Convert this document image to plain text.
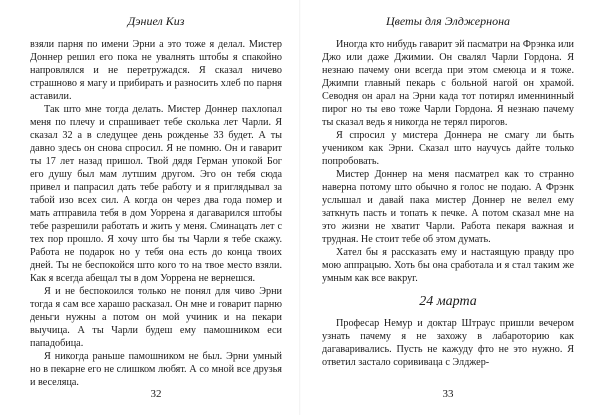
Дэниел Киз

взяли парня по имени Эрни а это тоже я делал. Мистер Доннер решил его пока не увалнять штобы я спакойно напровлялся и не перетружадся. Я сказал ничево страшново я магу и прибирать и разносить хлеб по парня аставили.

Так што мне тогда делать. Мистер Доннер пахлопал меня по плечу и спрашивает тебе сколька лет Чарли. Я сказал 32 а в следущее день рожденье 33 будет. А ты давно здесь он снова спросил. Я не помню. Он и гаварит ты 17 лет назад пришол. Твой дядя Герман упокой Бог его душу был мам лутшим другом. Эго он тебя сюда привел и папрасил дать тебе работу и я приглядывал за табой изо всех сил. А когда он через два года помер и мать атправила тебя в дом Уоррена я дагаварился штобы тебе разрешили работать и жить у меня. Сминацать лет с тех пор прошло. Я хочу што бы ты Чарли я тебе скажу. Работа не подарок но у тебя она есть до конца твоих дней. Ты не беспокойся што кого то на твое место взяли. Как я всегда абещал ты в дом Уоррена не вернешся.

Я и не беспокоился только не понял для чиво Эрни тогда я сам все харашо расказал. Он мне и говарит парню деньги нужны а потом он мой учиник и на пекари выучица. А ты Чарли будеш ему памошником еси пападобица.

Я никогда раньше памошником не был. Эрни умный но в пекарне его не слишком любят. А со мной все друзья и веселяца.

32
Цветы для Элджернона

Иногда кто нибудь гаварит эй пасматри на Фрэнка или Джо или даже Джимии. Он свалял Чарли Гордона. Я незнаю пачему они всегда при этом смеюца и я тоже. Джимпи главный пекарь с больной нагой он храмой. Севодня он арал на Эрни када тот потирял именнинный пирог но ты ево тоже Чарли Гордона. Я незнаю пачему ты сказал ведь я никогда не терял пирогов.

Я спросил у мистера Доннера не смагу ли быть учеником как Эрни. Сказал што научусь дайте только попробовать.

Мистер Доннер на меня пасматрел как то странно наверна потому што обычно я голос не подаю. А Фрэнк услышал и давай пака мистер Доннер не велел ему заткнуть пасть и топать к печке. А потом сказал мне на это жизни не хватит Чарли. Работа пекаря важная и трудная. Не стоит тебе об этом думать.

Хател бы я рассказать ему и настаящую правду про мою аппрацыю. Хоть бы она сработала и я стал таким же умным как все вакруг.

24 марта

Професар Немур и доктар Штраус пришли вечером узнать пачему я не захожу в лабароторию как дагаваривались. Пусть не кажуду фто не это нужно. Я ответил застало сорививаца с Элджер-

33
